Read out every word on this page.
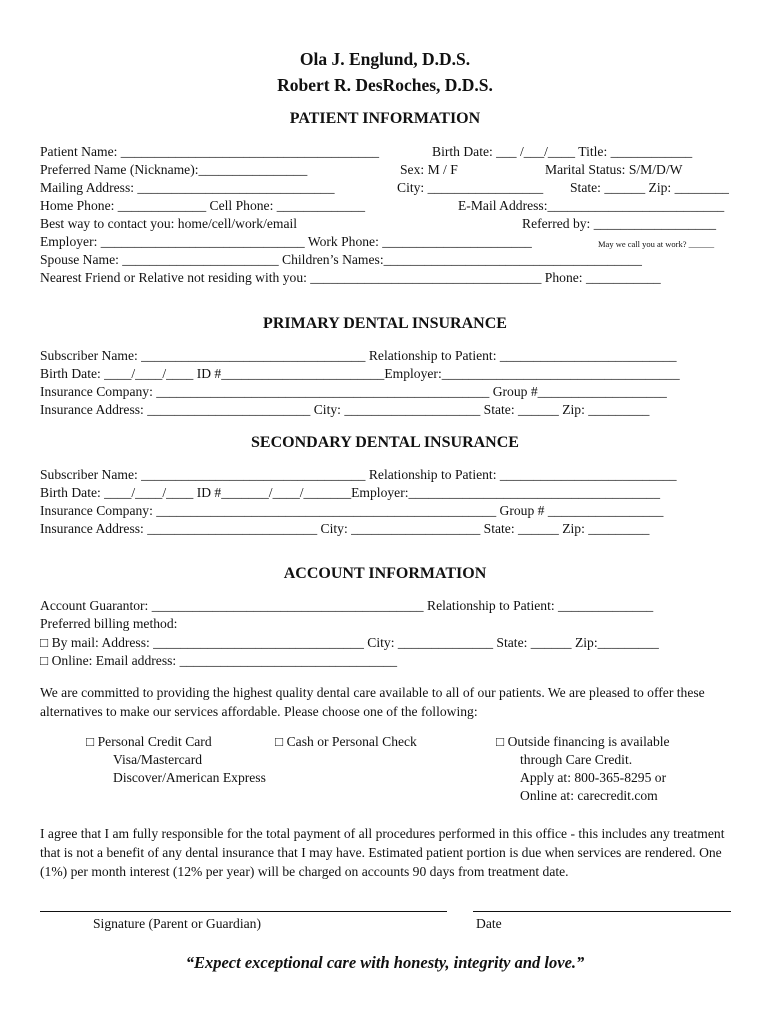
Ola J. Englund, D.D.S.
Robert R. DesRoches, D.D.S.
PATIENT INFORMATION
Patient Name: ______________________________________	Birth Date: ___ /___/____ Title: ____________
Preferred Name (Nickname):________________	Sex: M / F	Marital Status: S/M/D/W
Mailing Address: _____________________________	City: _________________ State: ______ Zip: ________
Home Phone: _____________ Cell Phone: _____________	E-Mail Address:__________________________
Best way to contact you: home/cell/work/email	Referred by: __________________
Employer: ______________________________ Work Phone: ______________________	May we call you at work? ______
Spouse Name: _______________________ Children’s Names:______________________________________
Nearest Friend or Relative not residing with you: __________________________________ Phone: ___________
PRIMARY DENTAL INSURANCE
Subscriber Name: _________________________________ Relationship to Patient: __________________________
Birth Date: ____/____/____ ID #________________________Employer:___________________________________
Insurance Company: _________________________________________________ Group #___________________
Insurance Address: ________________________ City: ____________________ State: ______ Zip: _________
SECONDARY DENTAL INSURANCE
Subscriber Name: _________________________________ Relationship to Patient: __________________________
Birth Date: ____/____/____ ID #_______/____/_______Employer:_____________________________________
Insurance Company: __________________________________________________ Group # _________________
Insurance Address: _________________________ City: ___________________ State: ______ Zip: _________
ACCOUNT INFORMATION
Account Guarantor: ________________________________________ Relationship to Patient: ______________
Preferred billing method:
□ By mail: Address: _______________________________ City: ______________ State: ______ Zip:_________
□ Online: Email address: ________________________________
We are committed to providing the highest quality dental care available to all of our patients. We are pleased to offer these alternatives to make our services affordable. Please choose one of the following:
□ Personal Credit Card
Visa/Mastercard
Discover/American Express
□ Cash or Personal Check	□ Outside financing is available
through Care Credit.
Apply at: 800-365-8295 or
Online at: carecredit.com
I agree that I am fully responsible for the total payment of all procedures performed in this office - this includes any treatment that is not a benefit of any dental insurance that I may have. Estimated patient portion is due when services are rendered. One (1%) per month interest (12% per year) will be charged on accounts 90 days from treatment date.
Signature (Parent or Guardian)	Date
“Expect exceptional care with honesty, integrity and love.”
